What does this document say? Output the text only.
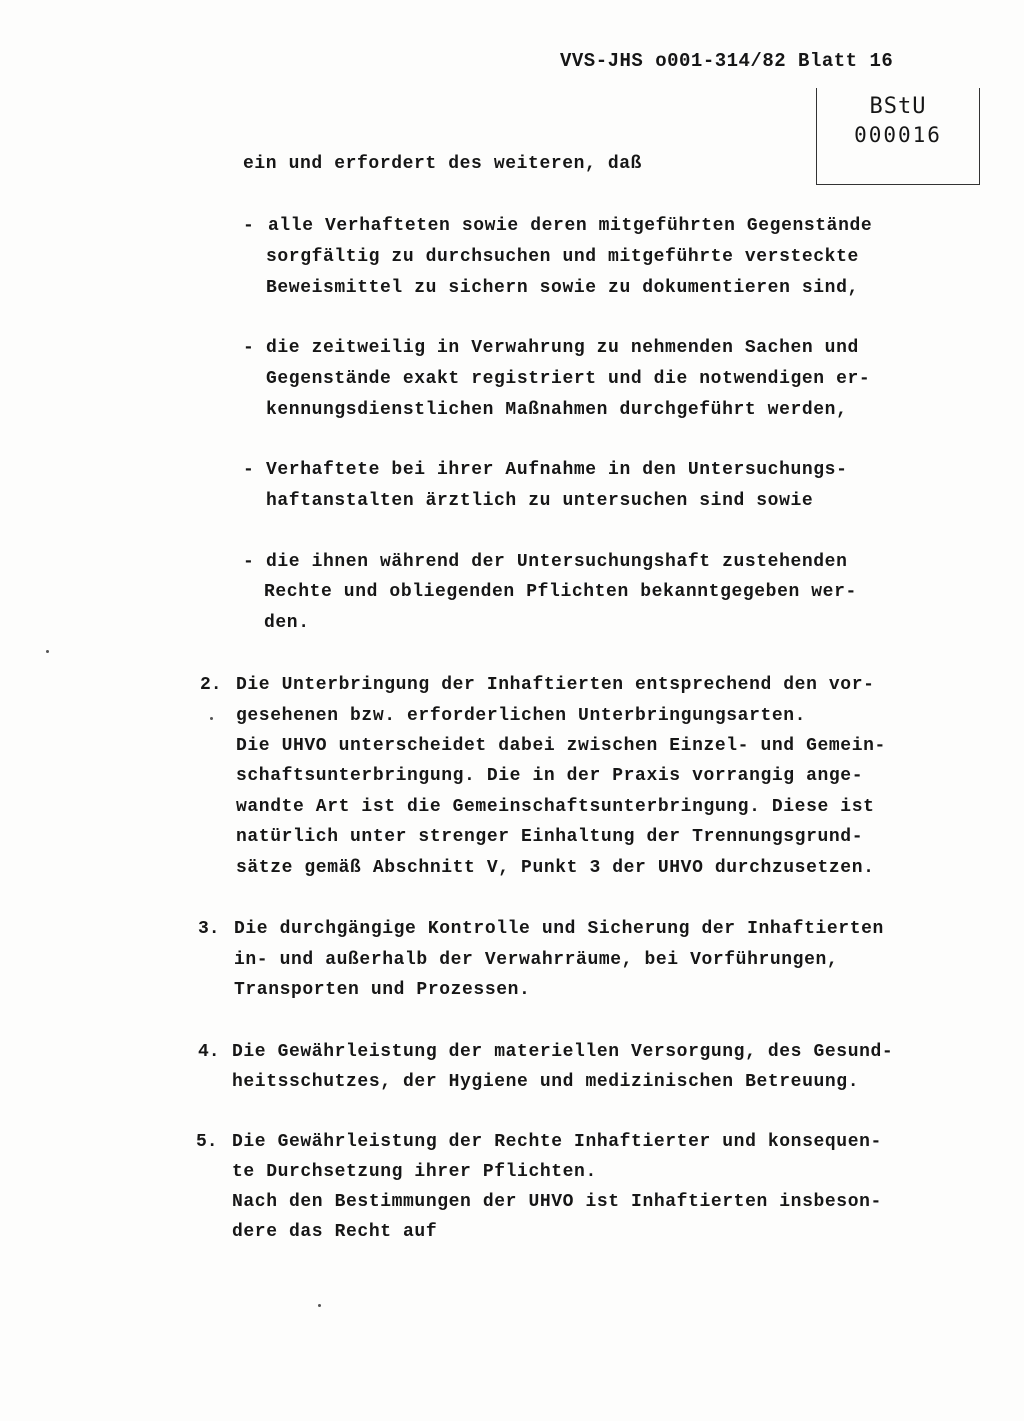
VVS-JHS o001-314/82 Blatt 16
BStU
000016
ein und erfordert des weiteren, daß
- alle Verhafteten sowie deren mitgeführten Gegenstände
sorgfältig zu durchsuchen und mitgeführte versteckte
Beweismittel zu sichern sowie zu dokumentieren sind,
- die zeitweilig in Verwahrung zu nehmenden Sachen und
Gegenstände exakt registriert und die notwendigen er-
kennungsdienstlichen Maßnahmen durchgeführt werden,
- Verhaftete bei ihrer Aufnahme in den Untersuchungs-
haftanstalten ärztlich zu untersuchen sind sowie
- die ihnen während der Untersuchungshaft zustehenden
Rechte und obliegenden Pflichten bekanntgegeben wer-
den.
2. Die Unterbringung der Inhaftierten entsprechend den vor-
gesehenen bzw. erforderlichen Unterbringungsarten.
Die UHVO unterscheidet dabei zwischen Einzel- und Gemein-
schaftsunterbringung. Die in der Praxis vorrangig ange-
wandte Art ist die Gemeinschaftsunterbringung. Diese ist
natürlich unter strenger Einhaltung der Trennungsgrund-
sätze gemäß Abschnitt V, Punkt 3 der UHVO durchzusetzen.
3. Die durchgängige Kontrolle und Sicherung der Inhaftierten
in- und außerhalb der Verwahrräume, bei Vorführungen,
Transporten und Prozessen.
4. Die Gewährleistung der materiellen Versorgung, des Gesund-
heitsschutzes, der Hygiene und medizinischen Betreuung.
5. Die Gewährleistung der Rechte Inhaftierter und konsequen-
te Durchsetzung ihrer Pflichten.
Nach den Bestimmungen der UHVO ist Inhaftierten insbeson-
dere das Recht auf
